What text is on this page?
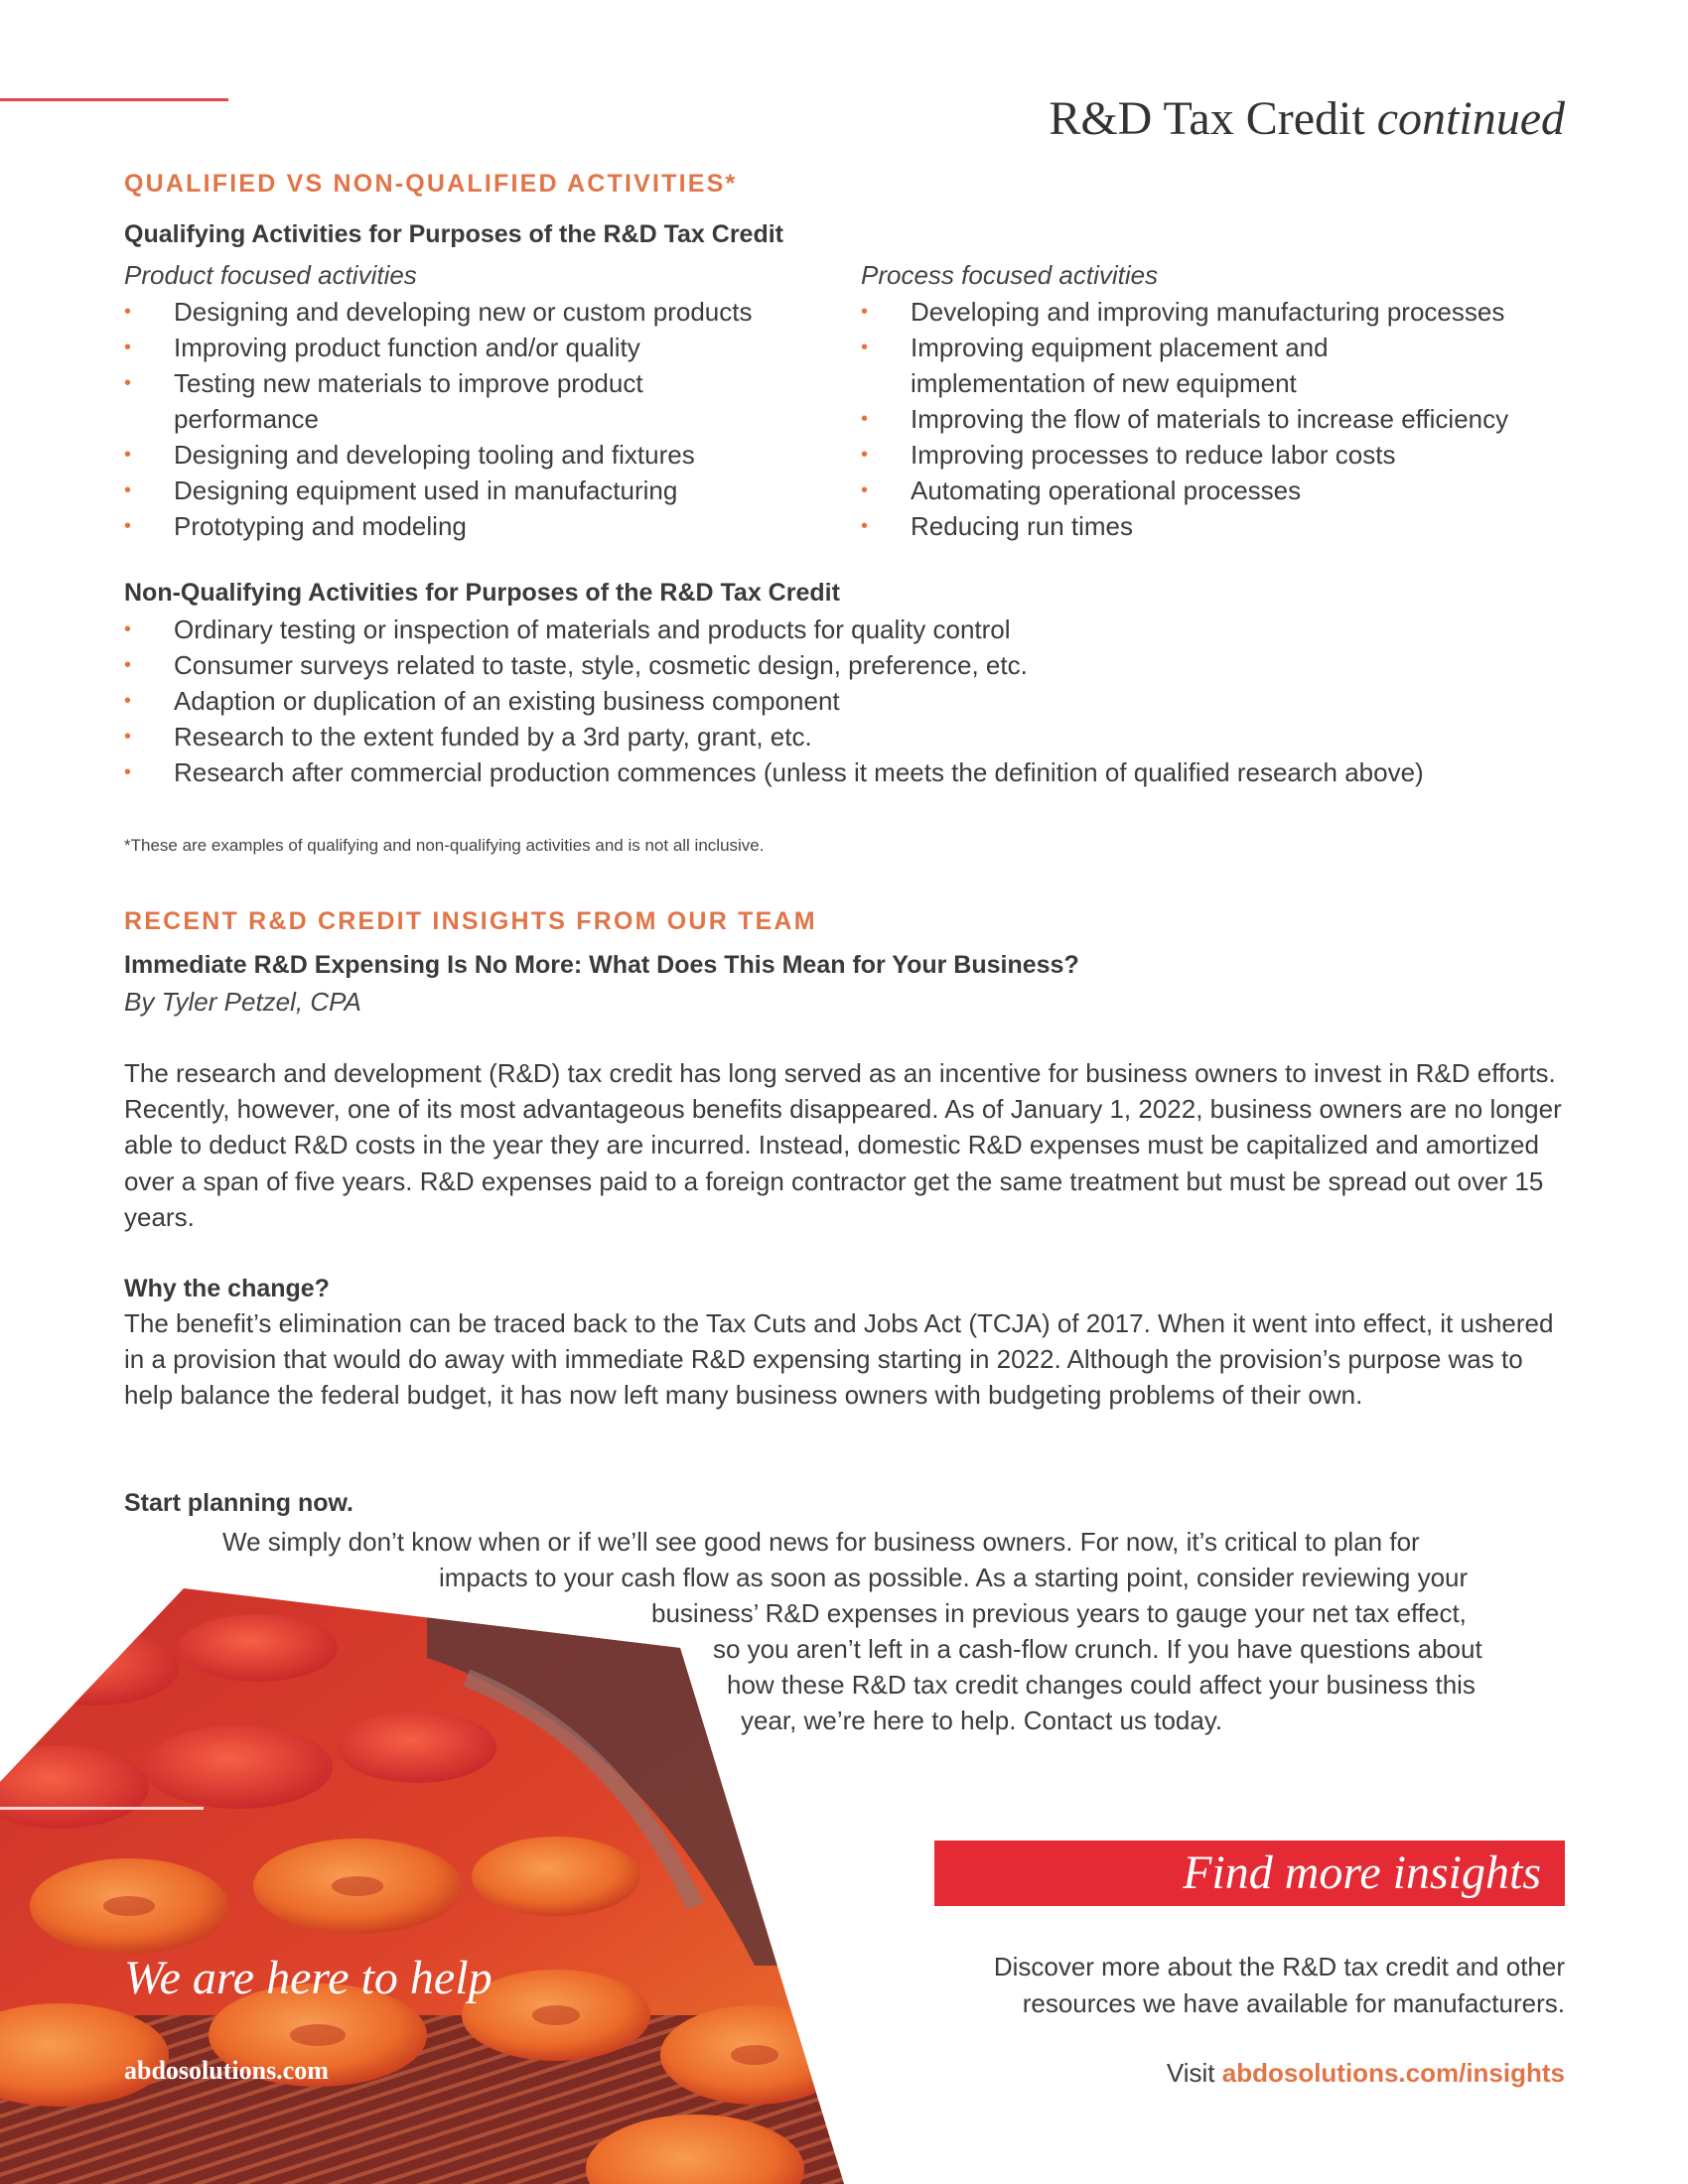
R&D Tax Credit continued
QUALIFIED VS NON-QUALIFIED ACTIVITIES*
Qualifying Activities for Purposes of the R&D Tax Credit

Product focused activities

• Designing and developing new or custom products
• Improving product function and/or quality
• Testing new materials to improve product performance
• Designing and developing tooling and fixtures
• Designing equipment used in manufacturing
• Prototyping and modeling

Process focused activities

• Developing and improving manufacturing processes
• Improving equipment placement and implementation of new equipment
• Improving the flow of materials to increase efficiency
• Improving processes to reduce labor costs
• Automating operational processes
• Reducing run times
Non-Qualifying Activities for Purposes of the R&D Tax Credit
• Ordinary testing or inspection of materials and products for quality control
• Consumer surveys related to taste, style, cosmetic design, preference, etc.
• Adaption or duplication of an existing business component
• Research to the extent funded by a 3rd party, grant, etc.
• Research after commercial production commences (unless it meets the definition of qualified research above)

*These are examples of qualifying and non-qualifying activities and is not all inclusive.

RECENT R&D CREDIT INSIGHTS FROM OUR TEAM
Immediate R&D Expensing Is No More: What Does This Mean for Your Business?

By Tyler Petzel, CPA

The research and development (R&D) tax credit has long served as an incentive for business owners to invest in R&D efforts. Recently, however, one of its most advantageous benefits disappeared. As of January 1, 2022, business owners are no longer able to deduct R&D costs in the year they are incurred. Instead, domestic R&D expenses must be capitalized and amortized over a span of five years. R&D expenses paid to a foreign contractor get the same treatment but must be spread out over 15 years.

Why the change?

The benefit’s elimination can be traced back to the Tax Cuts and Jobs Act (TCJA) of 2017. When it went into effect, it ushered in a provision that would do away with immediate R&D expensing starting in 2022. Although the provision’s purpose was to help balance the federal budget, it has now left many business owners with budgeting problems of their own.

Start planning now.

We are here to help

abdosolutions.com

We simply don’t know when or if we’ll see good news for business owners. For now, it’s critical to plan for

impacts to your cash flow as soon as possible. As a starting point, consider reviewing your

business’ R&D expenses in previous years to gauge your net tax effect,

so you aren’t left in a cash-flow crunch. If you have questions about

how these R&D tax credit changes could affect your business this

year, we’re here to help. Contact us today.

Find more insights

Discover more about the R&D tax credit and other
resources we have available for manufacturers.

Visit abdosolutions.com/insights
